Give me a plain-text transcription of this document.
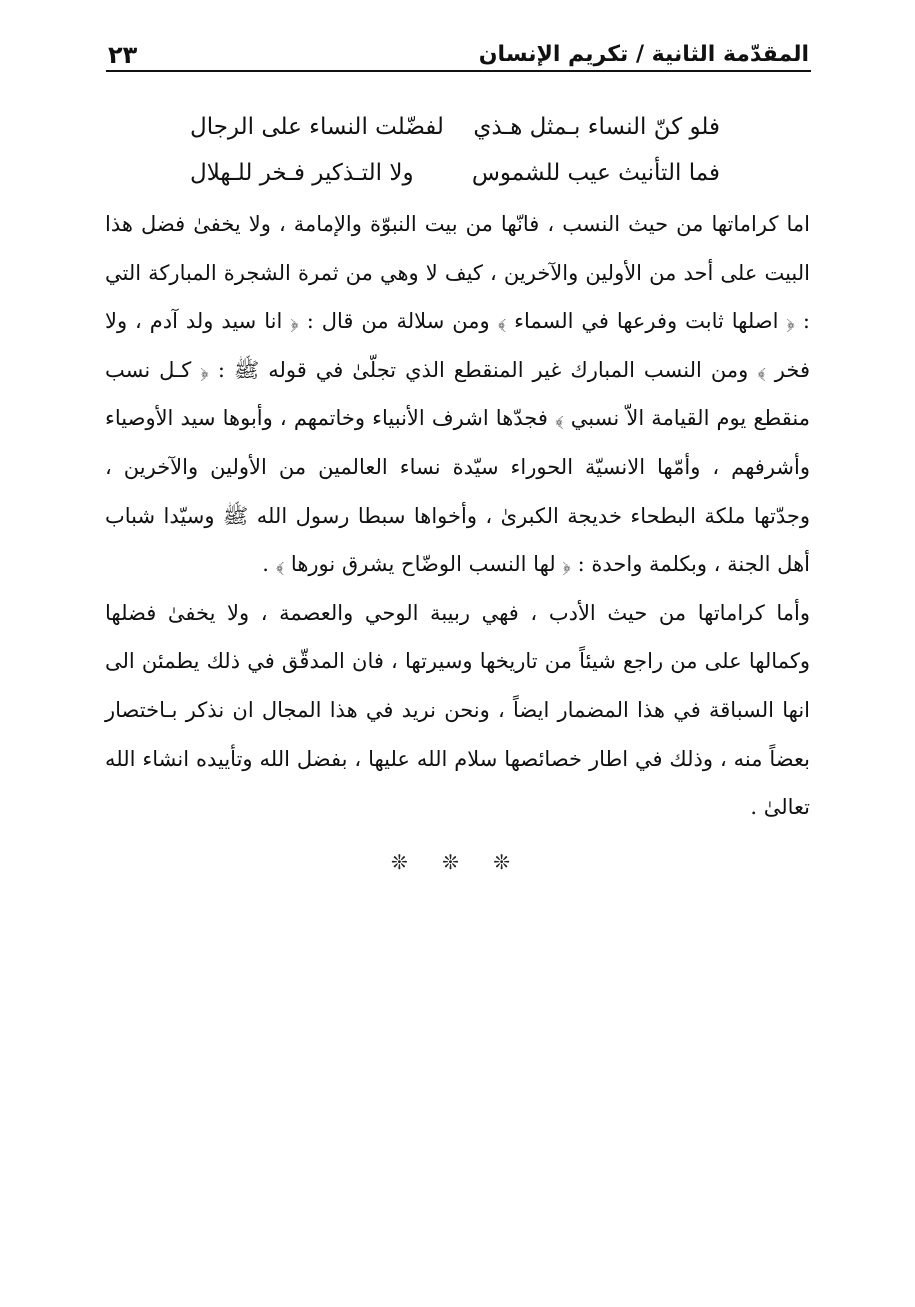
المقدّمة الثانية / تكريم الإنسان
٢٣
فلو كنّ النساء بـمثل هـذي
لفضّلت النساء على الرجال
فما التأنيث عيب للشموس
ولا التـذكير فـخر للـهلال

اما كراماتها من حيث النسب ، فانّها من بيت النبوّة والإمامة ، ولا يخفىٰ فضل هذا البيت على أحد من الأولين والآخرين ، كيف لا وهي من ثمرة الشجرة المباركة التي : ﴿ اصلها ثابت وفرعها في السماء ﴾ ومن سلالة من قال : ﴿ انا سيد ولد آدم ، ولا فخر ﴾ ومن النسب المبارك غير المنقطع الذي تجلّىٰ في قوله ﷺ : ﴿ كـل نسب منقطع يوم القيامة الاّ نسبي ﴾ فجدّها اشرف الأنبياء وخاتمهم ، وأبوها سيد الأوصياء وأشرفهم ، وأمّها الانسيّة الحوراء سيّدة نساء العالمين من الأولين والآخرين ، وجدّتها ملكة البطحاء خديجة الكبرىٰ ، وأخواها سبطا رسول الله ﷺ وسيّدا شباب أهل الجنة ، وبكلمة واحدة : ﴿ لها النسب الوضّاح يشرق نورها ﴾ .

وأما كراماتها من حيث الأدب ، فهي ربيبة الوحي والعصمة ، ولا يخفىٰ فضلها وكمالها على من راجع شيئاً من تاريخها وسيرتها ، فان المدقّق في ذلك يطمئن الى انها السباقة في هذا المضمار ايضاً ، ونحن نريد في هذا المجال ان نذكر بـاختصار بعضاً منه ، وذلك في اطار خصائصها سلام الله عليها ، بفضل الله وتأييده انشاء الله تعالىٰ .

❊ ❊ ❊
